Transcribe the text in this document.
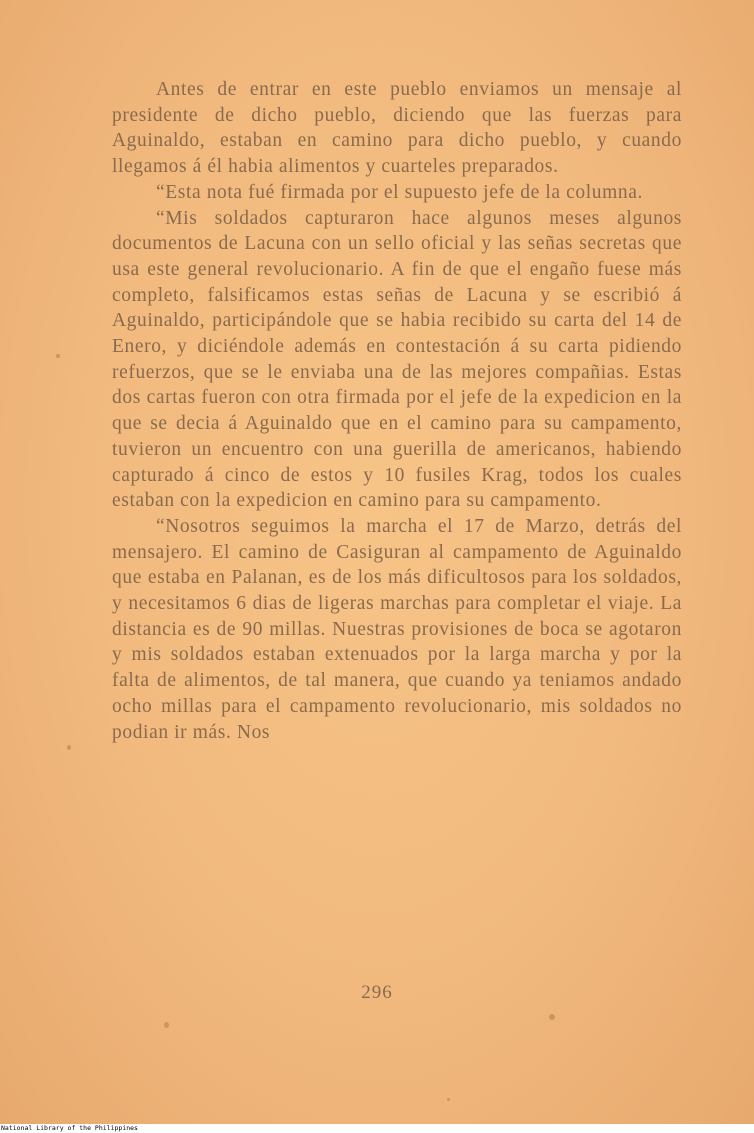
Antes de entrar en este pueblo enviamos un mensaje al presidente de dicho pueblo, diciendo que las fuerzas para Aguinaldo, estaban en camino para dicho pueblo, y cuando llegamos á él habia alimentos y cuarteles preparados.

“Esta nota fué firmada por el supuesto jefe de la columna.

“Mis soldados capturaron hace algunos meses algunos documentos de Lacuna con un sello oficial y las señas secretas que usa este general revolucionario. A fin de que el engaño fuese más completo, falsificamos estas señas de Lacuna y se escribió á Aguinaldo, participándole que se habia recibido su carta del 14 de Enero, y diciéndole además en contestación á su carta pidiendo refuerzos, que se le enviaba una de las mejores compañias. Estas dos cartas fueron con otra firmada por el jefe de la expedicion en la que se decia á Aguinaldo que en el camino para su campamento, tuvieron un encuentro con una guerilla de americanos, habiendo capturado á cinco de estos y 10 fusiles Krag, todos los cuales estaban con la expedicion en camino para su campamento.

“Nosotros seguimos la marcha el 17 de Marzo, detrás del mensajero. El camino de Casiguran al campamento de Aguinaldo que estaba en Palanan, es de los más dificultosos para los soldados, y necesitamos 6 dias de ligeras marchas para completar el viaje. La distancia es de 90 millas. Nuestras provisiones de boca se agotaron y mis soldados estaban extenuados por la larga marcha y por la falta de alimentos, de tal manera, que cuando ya teniamos andado ocho millas para el campamento revolucionario, mis soldados no podian ir más. Nos

296
National Library of the Philippines
